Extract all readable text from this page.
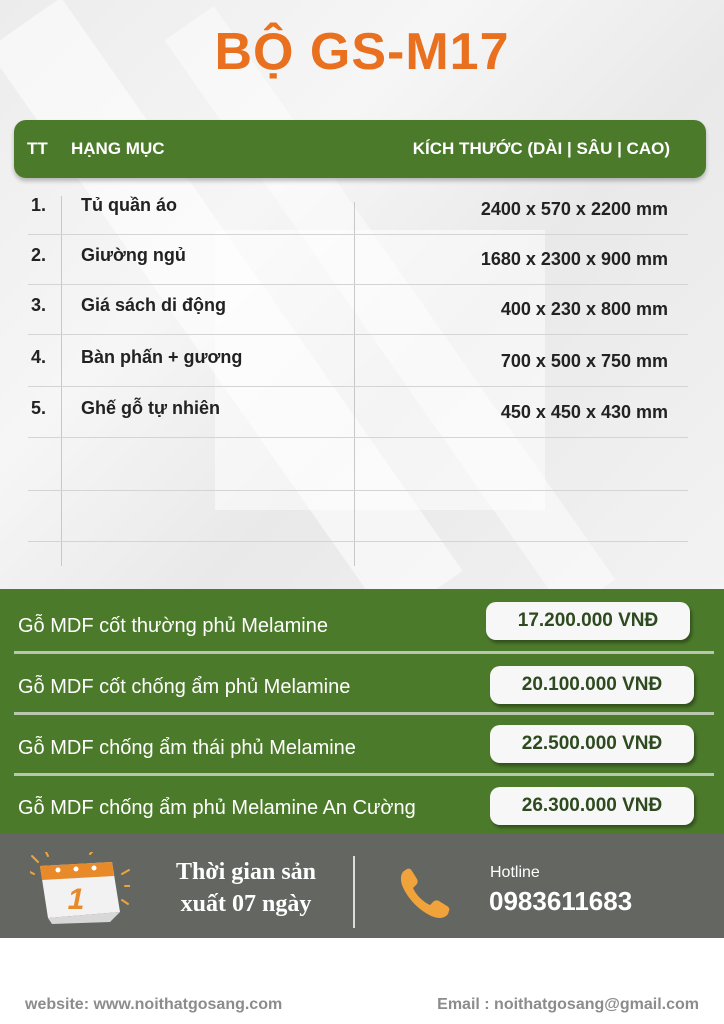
BỘ GS-M17
TT HẠNG MỤC	KÍCH THƯỚC (DÀI | SÂU | CAO)
1. Tủ quần áo	2400 x 570 x 2200 mm
2. Giường ngủ	1680 x 2300 x 900 mm
3. Giá sách di động	400 x 230 x 800 mm
4. Bàn phấn + gương	700 x 500 x 750 mm
5. Ghế gỗ tự nhiên	450 x 450 x 430 mm
Gỗ MDF cốt thường phủ Melamine	17.200.000 VNĐ
Gỗ MDF cốt chống ẩm phủ Melamine	20.100.000 VNĐ
Gỗ MDF chống ẩm thái phủ Melamine	22.500.000 VNĐ
Gỗ MDF chống ẩm phủ Melamine An Cường	26.300.000 VNĐ
1
Thời gian sản
xuất 07 ngày
Hotline
0983611683
website: www.noithatgosang.com	Email : noithatgosang@gmail.com
